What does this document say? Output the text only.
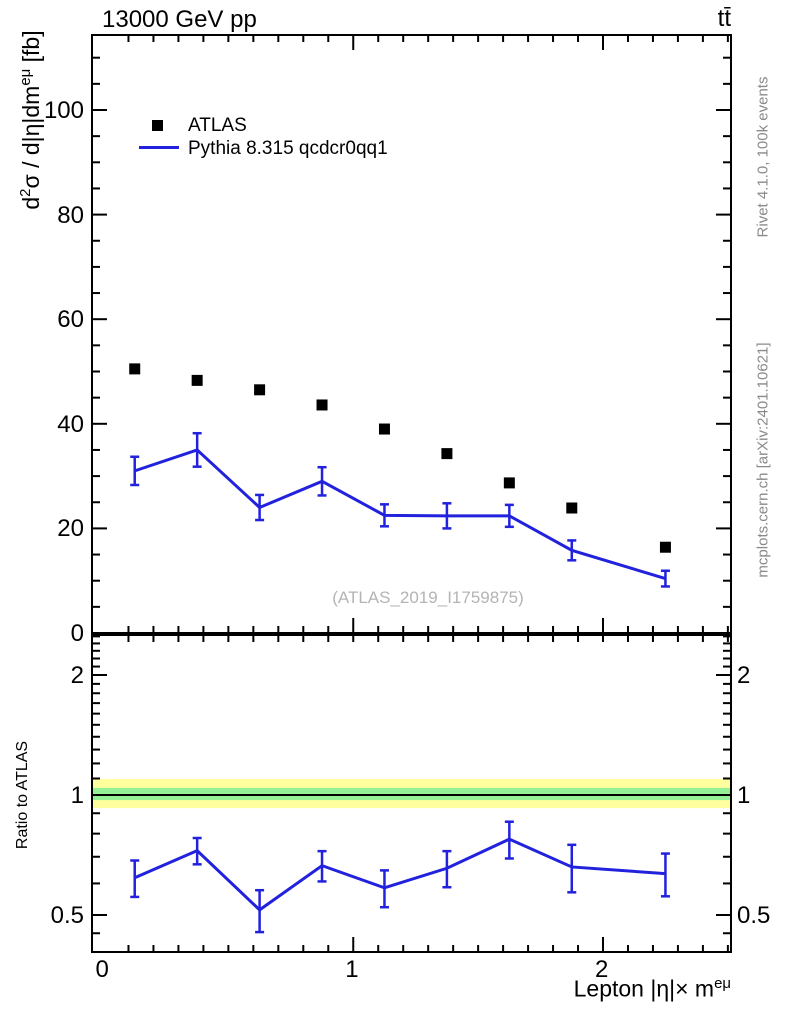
13000 GeV pp	tt̄
$d^2\sigma / d|\eta|dm^{e\mu}$ [fb]
Ratio to ATLAS
Lepton $|\eta|\times m^{e\mu}$
ATLAS
Pythia 8.315 qcdcr0qq1
(ATLAS_2019_I1759875)
Rivet 4.1.0, 100k events
mcplots.cern.ch [arXiv:2401.10621]
0
20
40
60
80
100
0.5	0.5
1	1
2	2
0	1	2
